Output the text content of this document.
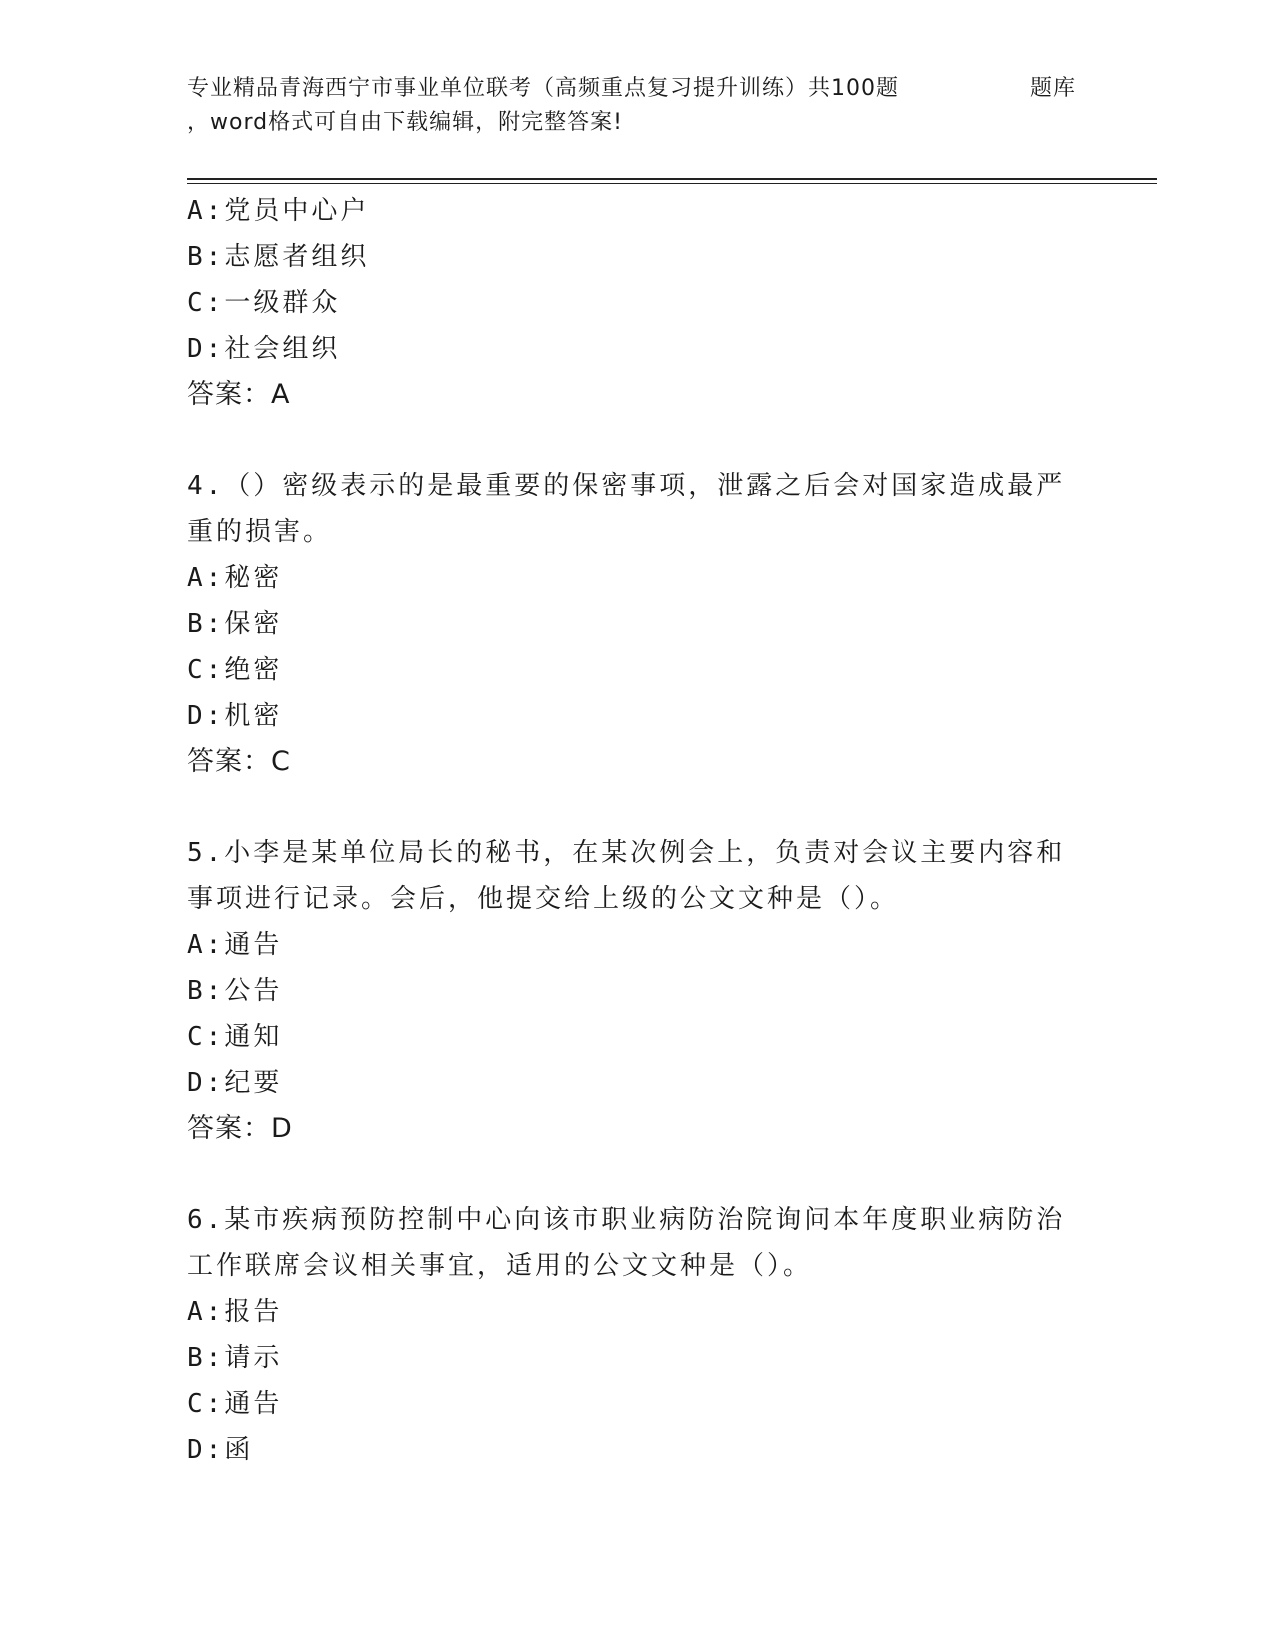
专业精品青海西宁市事业单位联考（高频重点复习提升训练）共100题	题库
，word格式可自由下载编辑，附完整答案!
A:党员中心户
B:志愿者组织
C:一级群众
D:社会组织
答案：A
4.（）密级表示的是最重要的保密事项，泄露之后会对国家造成最严
重的损害。
A:秘密
B:保密
C:绝密
D:机密
答案：C
5.小李是某单位局长的秘书，在某次例会上，负责对会议主要内容和
事项进行记录。会后，他提交给上级的公文文种是（）。
A:通告
B:公告
C:通知
D:纪要
答案：D
6.某市疾病预防控制中心向该市职业病防治院询问本年度职业病防治
工作联席会议相关事宜，适用的公文文种是（）。
A:报告
B:请示
C:通告
D:函
